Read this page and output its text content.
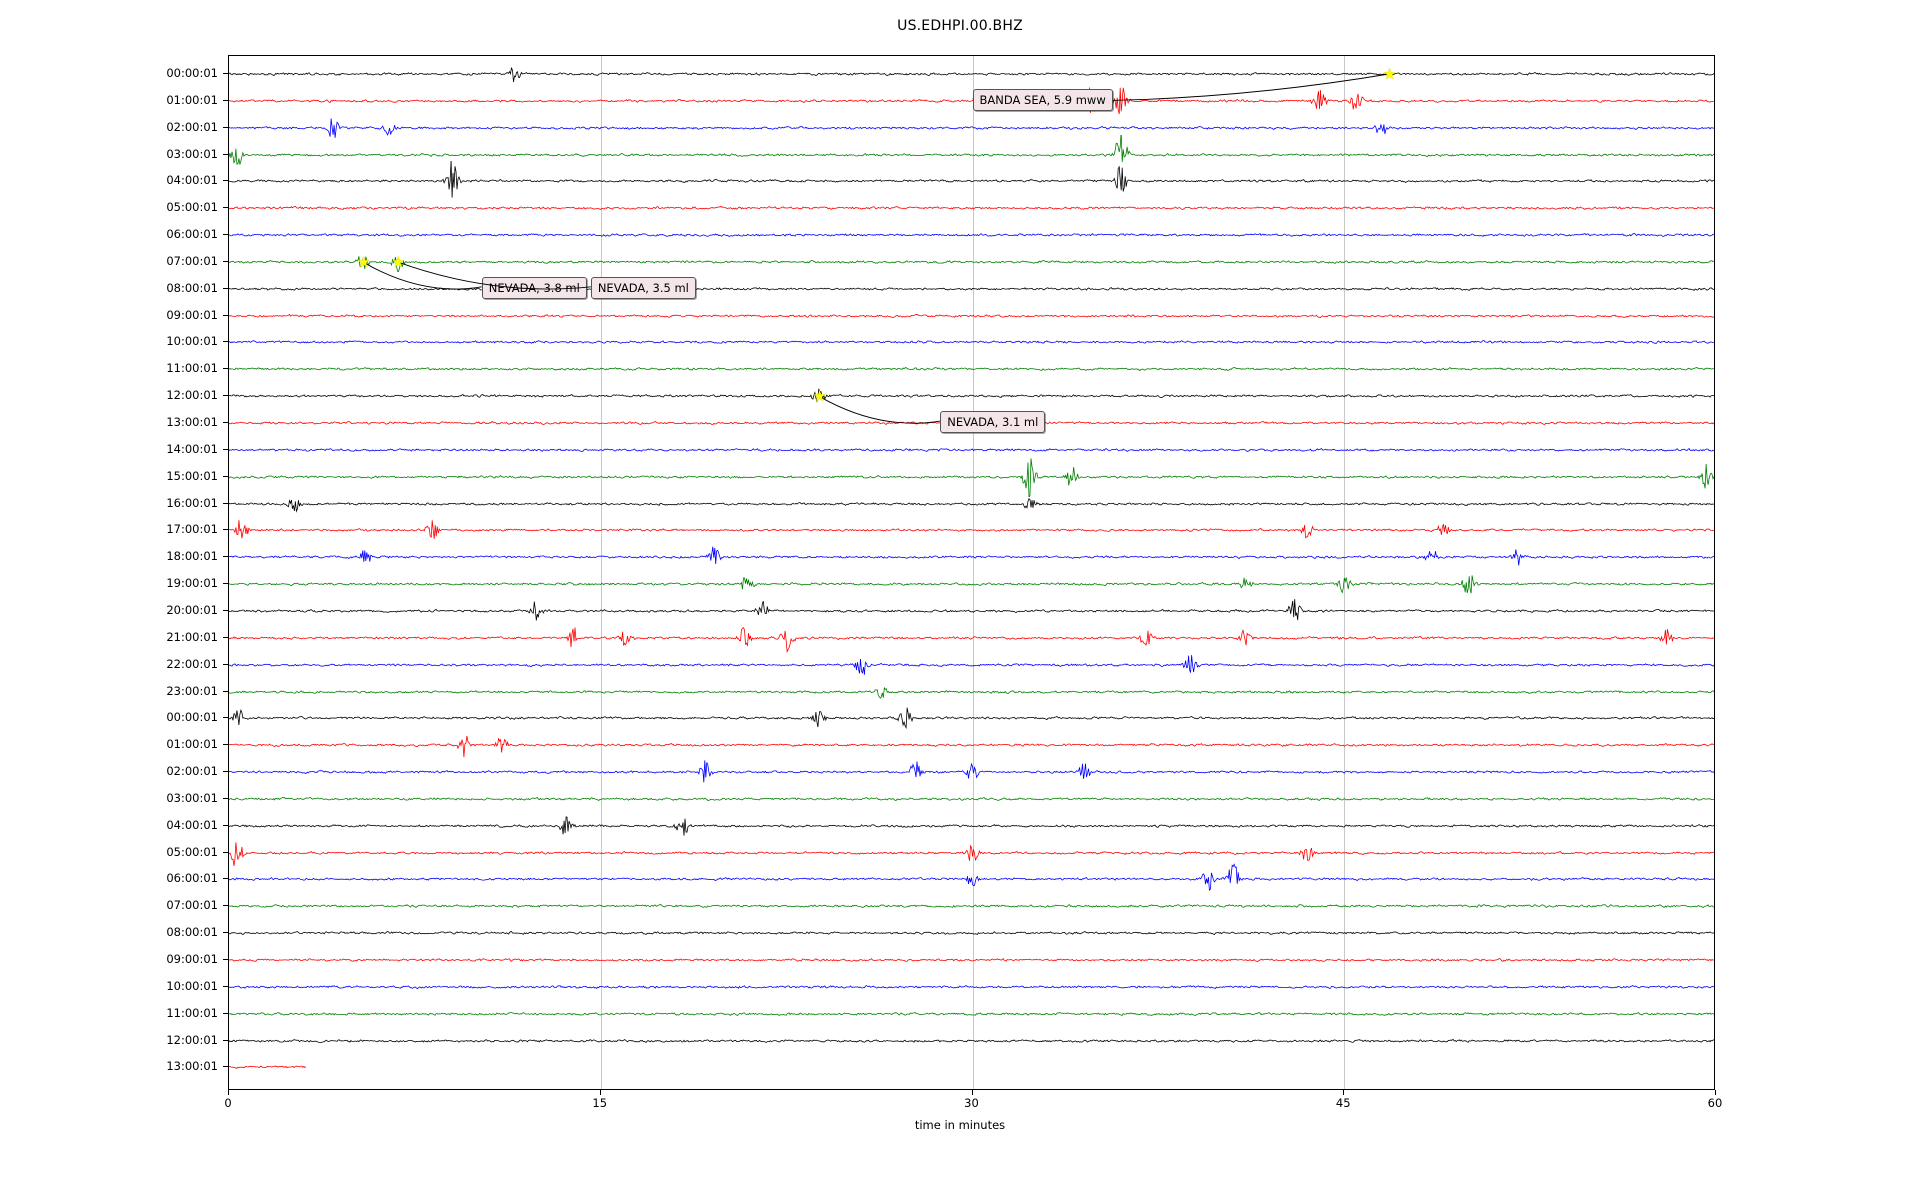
US.EDHPI.00.BHZ
★
BANDA SEA, 5.9 mww
★
NEVADA, 3.8 ml
★
NEVADA, 3.5 ml
★
NEVADA, 3.1 ml
0	15	30	45	60
00:00:01
01:00:01
02:00:01
03:00:01
04:00:01
05:00:01
06:00:01
07:00:01
08:00:01
09:00:01
10:00:01
11:00:01
12:00:01
13:00:01
14:00:01
15:00:01
16:00:01
17:00:01
18:00:01
19:00:01
20:00:01
21:00:01
22:00:01
23:00:01
00:00:01
01:00:01
02:00:01
03:00:01
04:00:01
05:00:01
06:00:01
07:00:01
08:00:01
09:00:01
10:00:01
11:00:01
12:00:01
13:00:01
time in minutes
